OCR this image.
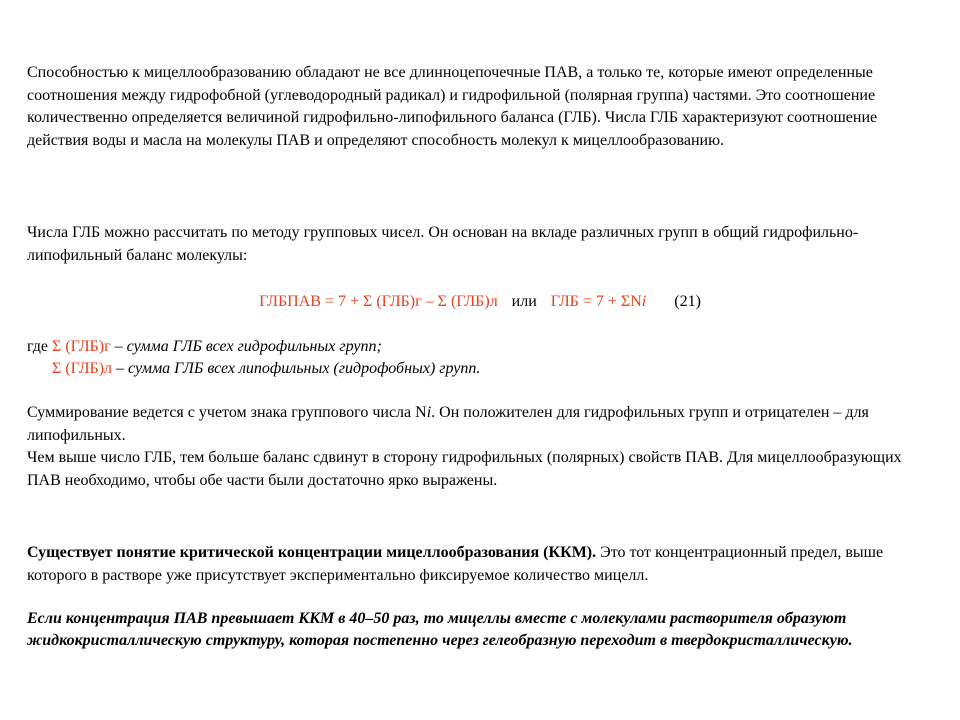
Способностью к мицеллообразованию обладают не все длинноцепочечные ПАВ, а только те, которые имеют определенные соотношения между гидрофобной (углеводородный радикал) и гидрофильной (полярная группа) частями. Это соотношение количественно определяется величиной гидрофильно-липофильного баланса (ГЛБ). Числа ГЛБ характеризуют соотношение действия воды и масла на молекулы ПАВ и определяют способность молекул к мицеллообразованию.
Числа ГЛБ можно рассчитать по методу групповых чисел. Он основан на вкладе различных групп в общий гидрофильно-липофильный баланс молекулы:
ГЛБПАВ = 7 + Σ (ГЛБ)г – Σ (ГЛБ)л или ГЛБ = 7 + ΣNi (21)
где Σ (ГЛБ)г – сумма ГЛБ всех гидрофильных групп;
Σ (ГЛБ)л – сумма ГЛБ всех липофильных (гидрофобных) групп.
Суммирование ведется с учетом знака группового числа Ni. Он положителен для гидрофильных групп и отрицателен – для липофильных.
Чем выше число ГЛБ, тем больше баланс сдвинут в сторону гидрофильных (полярных) свойств ПАВ. Для мицеллообразующих ПАВ необходимо, чтобы обе части были достаточно ярко выражены.
Существует понятие критической концентрации мицеллообразования (ККМ). Это тот концентрационный предел, выше которого в растворе уже присутствует экспериментально фиксируемое количество мицелл.
Если концентрация ПАВ превышает ККМ в 40–50 раз, то мицеллы вместе с молекулами растворителя образуют жидкокристаллическую структуру, которая постепенно через гелеобразную переходит в твердокристаллическую.
